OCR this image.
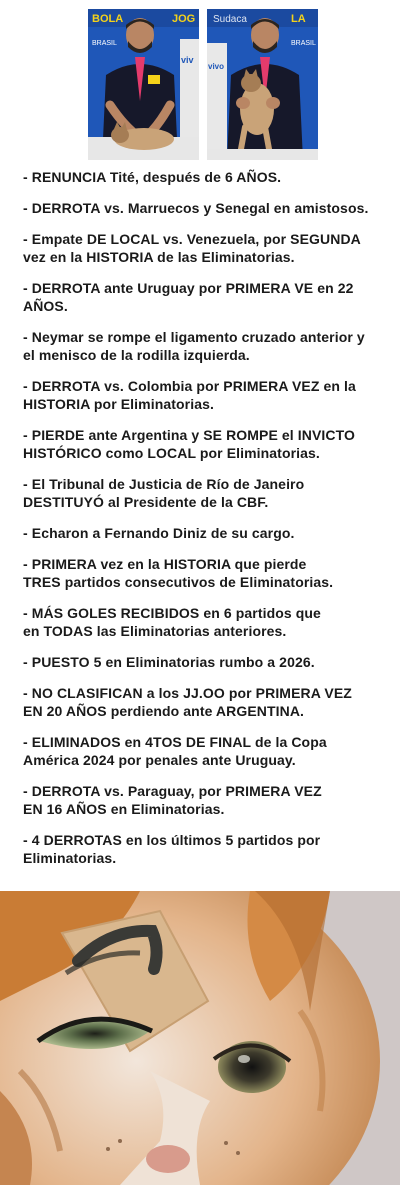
BOLA	JOG
viv
BRASIL
Sudaca	LA
vivo
BRASIL
- RENUNCIA Tité, después de 6 AÑOS.
- DERROTA vs. Marruecos y Senegal en amistosos.
- Empate DE LOCAL vs. Venezuela, por SEGUNDA
vez en la HISTORIA de las Eliminatorias.
- DERROTA ante Uruguay por PRIMERA VE en 22
AÑOS.
- Neymar se rompe el ligamento cruzado anterior y
el menisco de la rodilla izquierda.
- DERROTA vs. Colombia por PRIMERA VEZ en la
HISTORIA por Eliminatorias.
- PIERDE ante Argentina y SE ROMPE el INVICTO
HISTÓRICO como LOCAL por Eliminatorias.
- El Tribunal de Justicia de Río de Janeiro
DESTITUYÓ al Presidente de la CBF.
- Echaron a Fernando Diniz de su cargo.
- PRIMERA vez en la HISTORIA que pierde
TRES partidos consecutivos de Eliminatorias.
- MÁS GOLES RECIBIDOS en 6 partidos que
en TODAS las Eliminatorias anteriores.
- PUESTO 5 en Eliminatorias rumbo a 2026.
- NO CLASIFICAN a los JJ.OO por PRIMERA VEZ
EN 20 AÑOS perdiendo ante ARGENTINA.
- ELIMINADOS en 4TOS DE FINAL de la Copa
América 2024 por penales ante Uruguay.
- DERROTA vs. Paraguay, por PRIMERA VEZ
EN 16 AÑOS en Eliminatorias.
- 4 DERROTAS en los últimos 5 partidos por
Eliminatorias.
